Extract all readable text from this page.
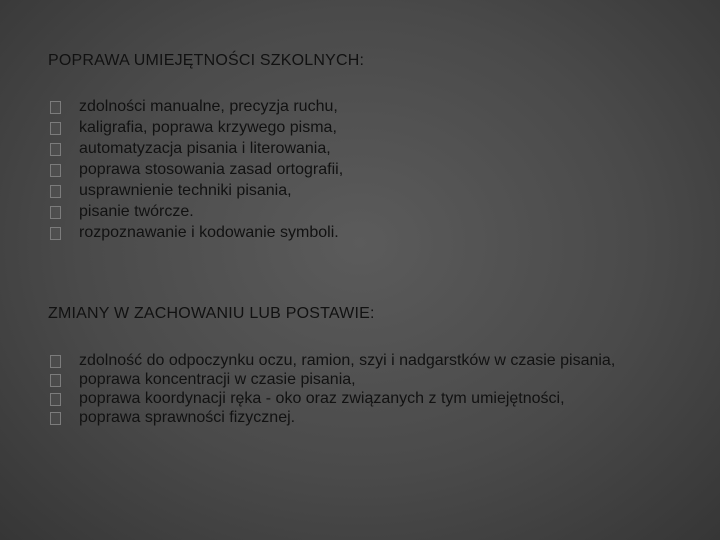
POPRAWA UMIEJĘTNOŚCI SZKOLNYCH:
zdolności manualne, precyzja ruchu,
kaligrafia, poprawa krzywego pisma,
automatyzacja pisania i literowania,
poprawa stosowania zasad ortografii,
usprawnienie techniki pisania,
pisanie twórcze.
rozpoznawanie i kodowanie symboli.
ZMIANY W ZACHOWANIU LUB POSTAWIE:
zdolność do odpoczynku oczu, ramion, szyi i nadgarstków w czasie pisania,
poprawa koncentracji w czasie pisania,
poprawa koordynacji ręka - oko oraz związanych z tym umiejętności,
poprawa sprawności fizycznej.
